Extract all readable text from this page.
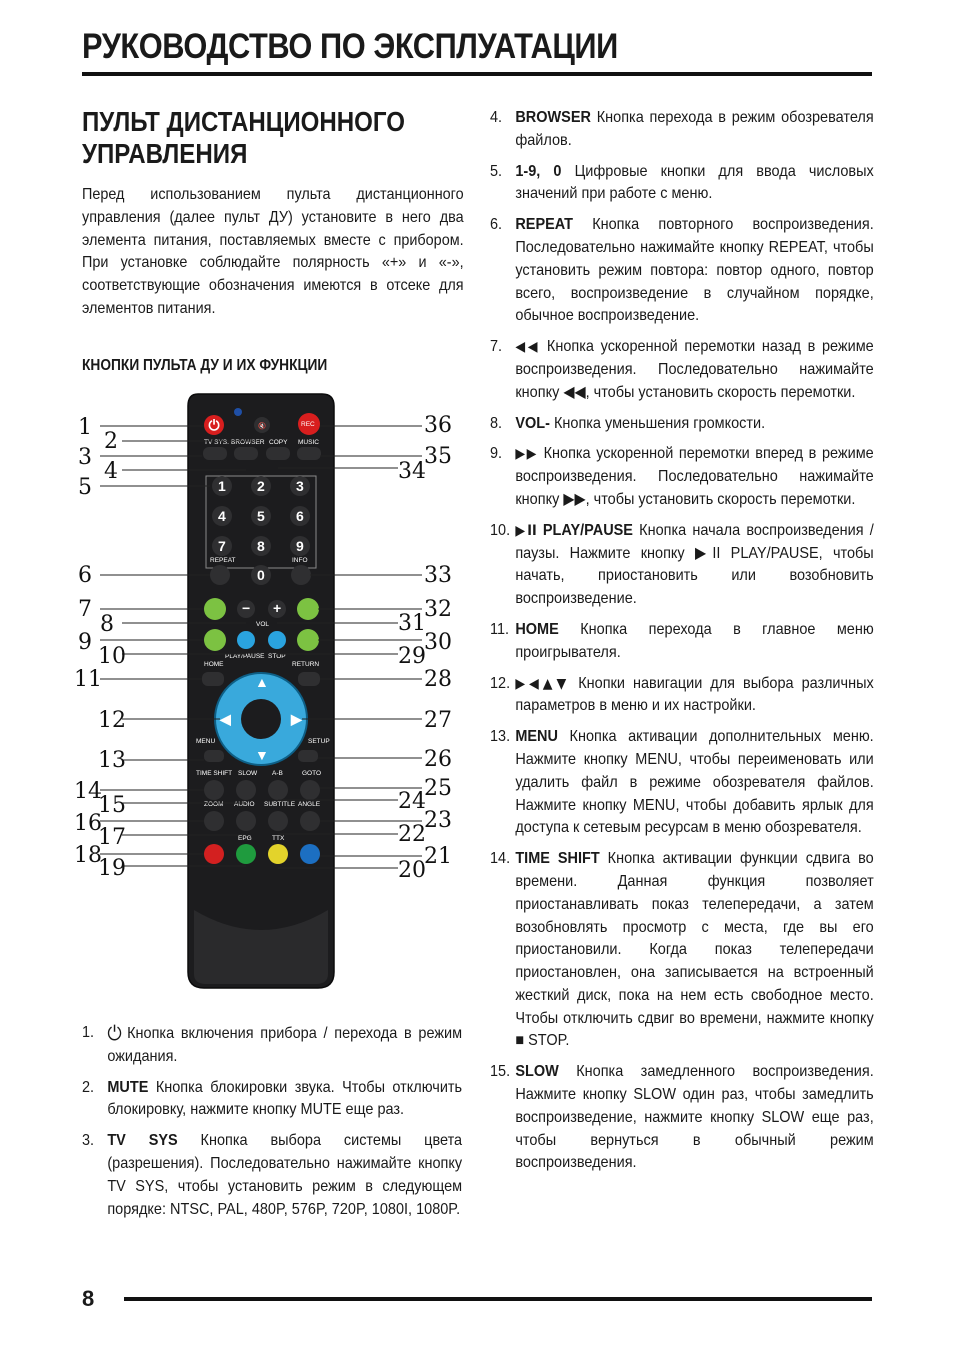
РУКОВОДСТВО ПО ЭКСПЛУАТАЦИИ
ПУЛЬТ ДИСТАНЦИОННОГО
УПРАВЛЕНИЯ

Перед использованием пульта дистанционного управления (далее пульт ДУ) установите в него два элемента питания, поставляемых вместе с прибором. При установке соблюдайте полярность «+» и «-», соответствующие обозначения имеются в отсеке для элементов питания.

КНОПКИ ПУЛЬТА ДУ И ИХ ФУНКЦИИ
⏻	🔇	REC
TV SYS. BROWSER COPY MUSIC
1 2 3
4 5 6
7 8 9
REPEAT	INFO
0
VOL
− +
PLAY/PAUSE STOP
HOME	RETURN
▲
▼
◀	▶
MENU	SETUP
TIME SHIFT SLOW A-B	GOTO
ZOOM AUDIO SUBTITLE ANGLE
EPG	TTX
1
2
3
4
5
6
7
8
9
10
11
12
13
14
15
16
17
18
19
36
35
34
33
32
31
30
29
28
27
26
25
24
23
22
21
20
1. ⏻ Кнопка включения прибора / перехода в режим ожидания.
2. MUTE Кнопка блокировки звука. Чтобы отключить блокировку, нажмите кнопку MUTE еще раз.
3. TV SYS Кнопка выбора системы цвета (разрешения). Последовательно нажимайте кнопку TV SYS, чтобы установить режим в следующем порядке: NTSC, PAL, 480P, 576P, 720P, 1080I, 1080P.
4. BROWSER Кнопка перехода в режим обозревателя файлов.
5. 1-9, 0 Цифровые кнопки для ввода числовых значений при работе с меню.
6. REPEAT Кнопка повторного воспроизведения. Последовательно нажимайте кнопку REPEAT, чтобы установить режим повтора: повтор одного, повтор всего, воспроизведение в случайном порядке, обычное воспроизведение.
7. ◀◀ Кнопка ускоренной перемотки назад в режиме воспроизведения. Последовательно нажимайте кнопку ◀◀, чтобы установить скорость перемотки.
8. VOL- Кнопка уменьшения громкости.
9. ▶▶ Кнопка ускоренной перемотки вперед в режиме воспроизведения. Последовательно нажимайте кнопку ▶▶, чтобы установить скорость перемотки.
10. ▶II PLAY/PAUSE Кнопка начала воспроизведения / паузы. Нажмите кнопку ▶II PLAY/PAUSE, чтобы начать, приостановить или возобновить воспроизведение.
11. HOME Кнопка перехода в главное меню проигрывателя.
12. ▶◀▲▼ Кнопки навигации для выбора различных параметров в меню и их настройки.
13. MENU Кнопка активации дополнительных меню. Нажмите кнопку MENU, чтобы переименовать или удалить файл в режиме обозревателя файлов. Нажмите кнопку MENU, чтобы добавить ярлык для доступа к сетевым ресурсам в меню обозревателя.
14. TIME SHIFT Кнопка активации функции сдвига во времени. Данная функция позволяет приостанавливать показ телепередачи, а затем возобновлять просмотр с места, где вы его приостановили. Когда показ телепередачи приостановлен, она записывается на встроенный жесткий диск, пока на нем есть свободное место. Чтобы отключить сдвиг во времени, нажмите кнопку ■ STOP.
15. SLOW Кнопка замедленного воспроизведения. Нажмите кнопку SLOW один раз, чтобы замедлить воспроизведение, нажмите кнопку SLOW еще раз, чтобы вернуться в обычный режим воспроизведения.
8
